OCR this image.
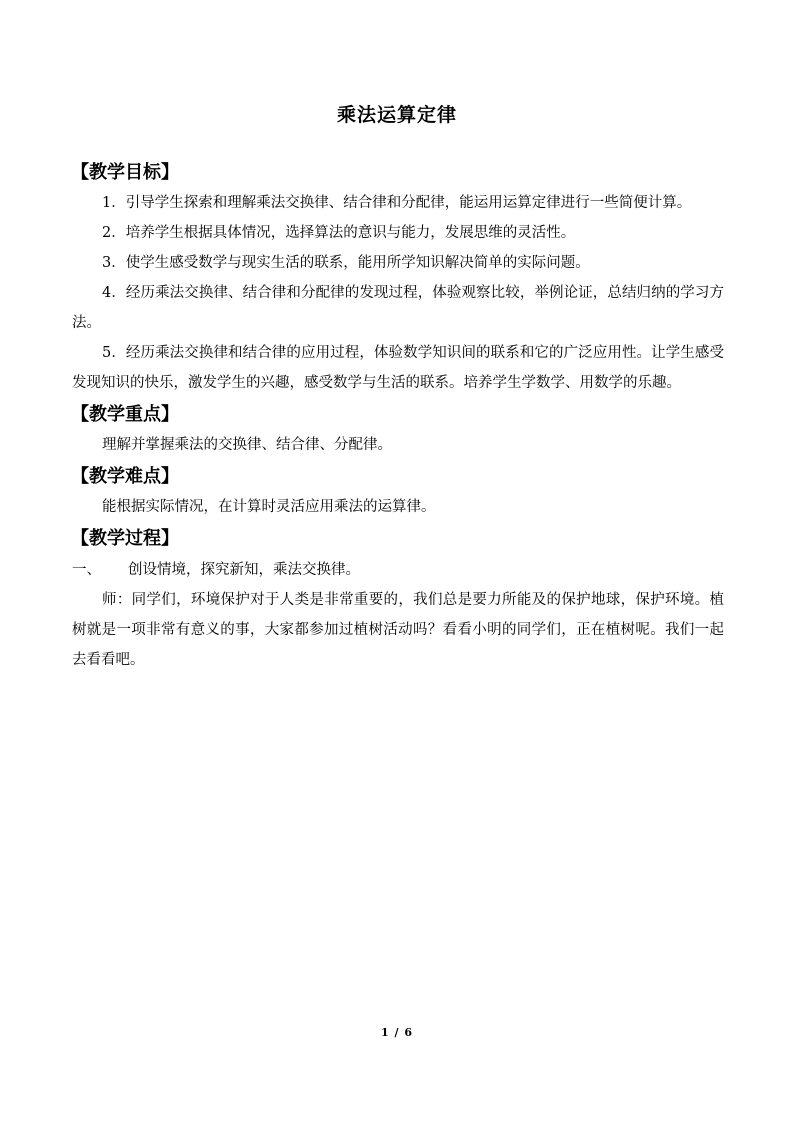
乘法运算定律
【教学目标】

1．引导学生探索和理解乘法交换律、结合律和分配律，能运用运算定律进行一些简便计算。

2．培养学生根据具体情况，选择算法的意识与能力，发展思维的灵活性。

3．使学生感受数学与现实生活的联系，能用所学知识解决简单的实际问题。

4．经历乘法交换律、结合律和分配律的发现过程，体验观察比较，举例论证，总结归纳的学习方法。

5．经历乘法交换律和结合律的应用过程，体验数学知识间的联系和它的广泛应用性。让学生感受发现知识的快乐，激发学生的兴趣，感受数学与生活的联系。培养学生学数学、用数学的乐趣。

【教学重点】

理解并掌握乘法的交换律、结合律、分配律。

【教学难点】

能根据实际情况，在计算时灵活应用乘法的运算律。

【教学过程】
一、	创设情境，探究新知，乘法交换律。

师：同学们，环境保护对于人类是非常重要的，我们总是要力所能及的保护地球，保护环境。植树就是一项非常有意义的事，大家都参加过植树活动吗？看看小明的同学们，正在植树呢。我们一起去看看吧。

1 / 6
